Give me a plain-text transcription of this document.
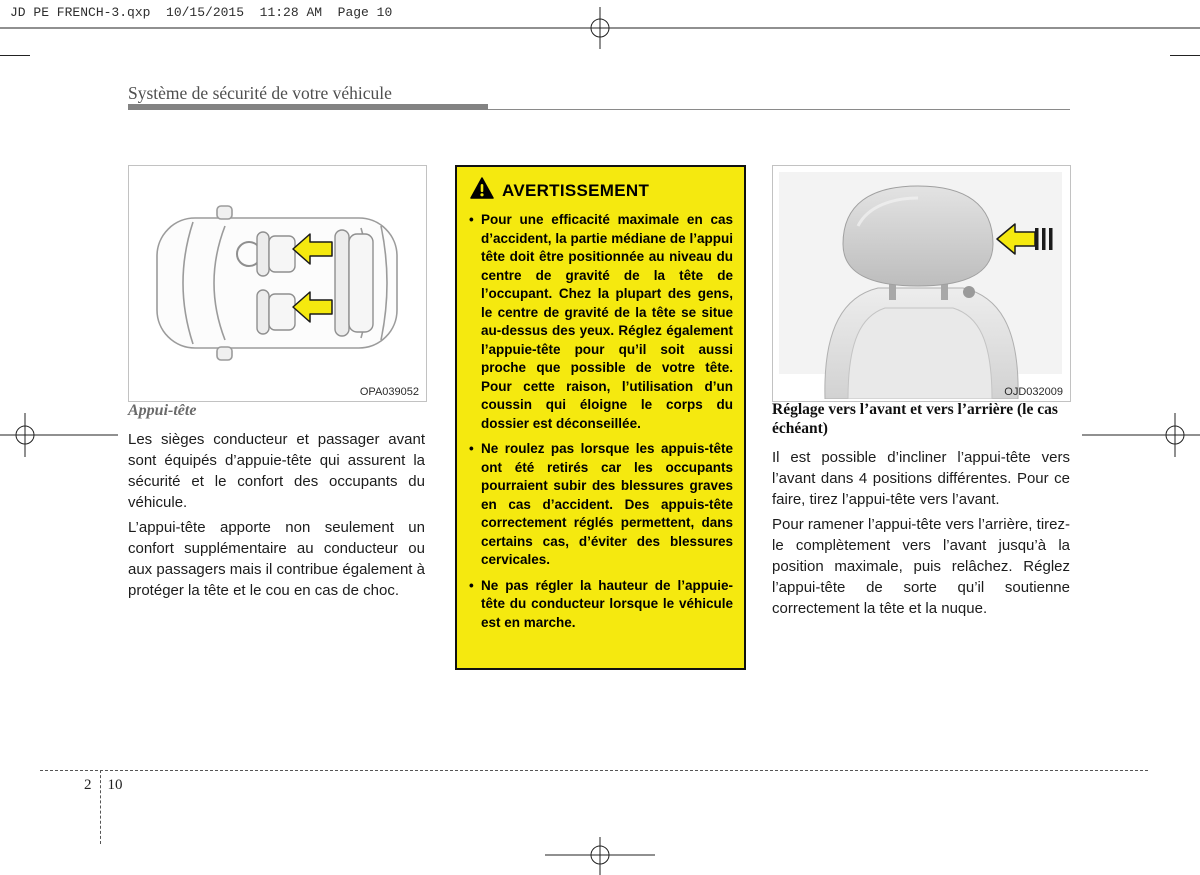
JD PE FRENCH-3.qxp  10/15/2015  11:28 AM  Page 10
Système de sécurité de votre véhicule
OPA039052
Appui-tête

Les sièges conducteur et passager avant sont équipés d’appuie-tête qui assurent la sécurité et le confort des occupants du véhicule.

L’appui-tête apporte non seulement un confort supplémentaire au conducteur ou aux passagers mais il contribue également à protéger la tête et le cou en cas de choc.

AVERTISSEMENT
• Pour une efficacité maximale en cas d’accident, la partie médiane de l’appui tête doit être positionnée au niveau du centre de gravité de la tête de l’occupant. Chez la plupart des gens, le centre de gravité de la tête se situe au-dessus des yeux. Réglez également l’appuie-tête pour qu’il soit aussi proche que possible de votre tête. Pour cette raison, l’utilisation d’un coussin qui éloigne le corps du dossier est déconseillée.
• Ne roulez pas lorsque les appuis-tête ont été retirés car les occupants pourraient subir des blessures graves en cas d’accident. Des appuis-tête correctement réglés permettent, dans certains cas, d’éviter des blessures cervicales.
• Ne pas régler la hauteur de l’appuie-tête du conducteur lorsque le véhicule est en marche.
OJD032009
Réglage vers l’avant et vers l’arrière (le cas échéant)

Il est possible d’incliner l’appui-tête vers l’avant dans 4 positions différentes. Pour ce faire, tirez l’appui-tête vers l’avant.

Pour ramener l’appui-tête vers l’arrière, tirez-le complètement vers l’avant jusqu’à la position maximale, puis relâchez. Réglez l’appui-tête de sorte qu’il soutienne correctement la tête et la nuque.

2 10
